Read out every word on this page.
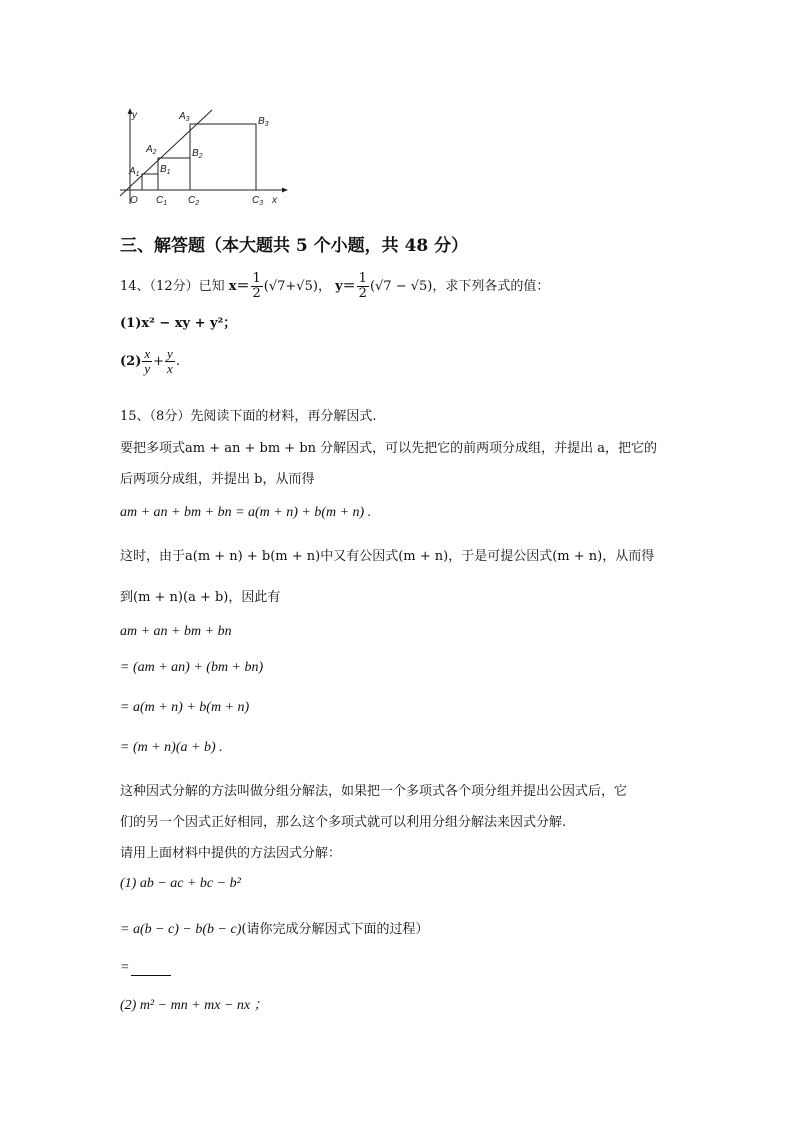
y
x
O
$A_1$
$A_2$
$A_3$
$B_1$
$B_2$
$B_3$
$C_1$ $C_2$	$C_3$
三、解答题（本大题共 5 个小题，共 48 分）
14、（12分）已知 $x= \frac{1}{2} (√7+√5)$， $y= \frac{1}{2} (√7 - √5)$，求下列各式的值：
(1)x² − xy + y²；
$(2) \frac{x}{y} + \frac{y}{x}$ .
15、（8分）先阅读下面的材料，再分解因式.
要把多项式am + an + bm + bn 分解因式，可以先把它的前两项分成组，并提出 a，把它的
后两项分成组，并提出 b，从而得
am + an + bm + bn = a(m + n) + b(m + n) .
这时，由于a(m + n) + b(m + n)中又有公因式(m + n)，于是可提公因式(m + n)，从而得
到(m + n)(a + b)，因此有
am + an + bm + bn
= (am + an) + (bm + bn)
= a(m + n) + b(m + n)
= (m + n)(a + b) .
这种因式分解的方法叫做分组分解法，如果把一个多项式各个项分组并提出公因式后，它
们的另一个因式正好相同，那么这个多项式就可以利用分组分解法来因式分解.
请用上面材料中提供的方法因式分解：
(1) ab − ac + bc − b²
= a(b − c) − b(b − c)(请你完成分解因式下面的过程）
=
(2) m² − mn + mx − nx ；
